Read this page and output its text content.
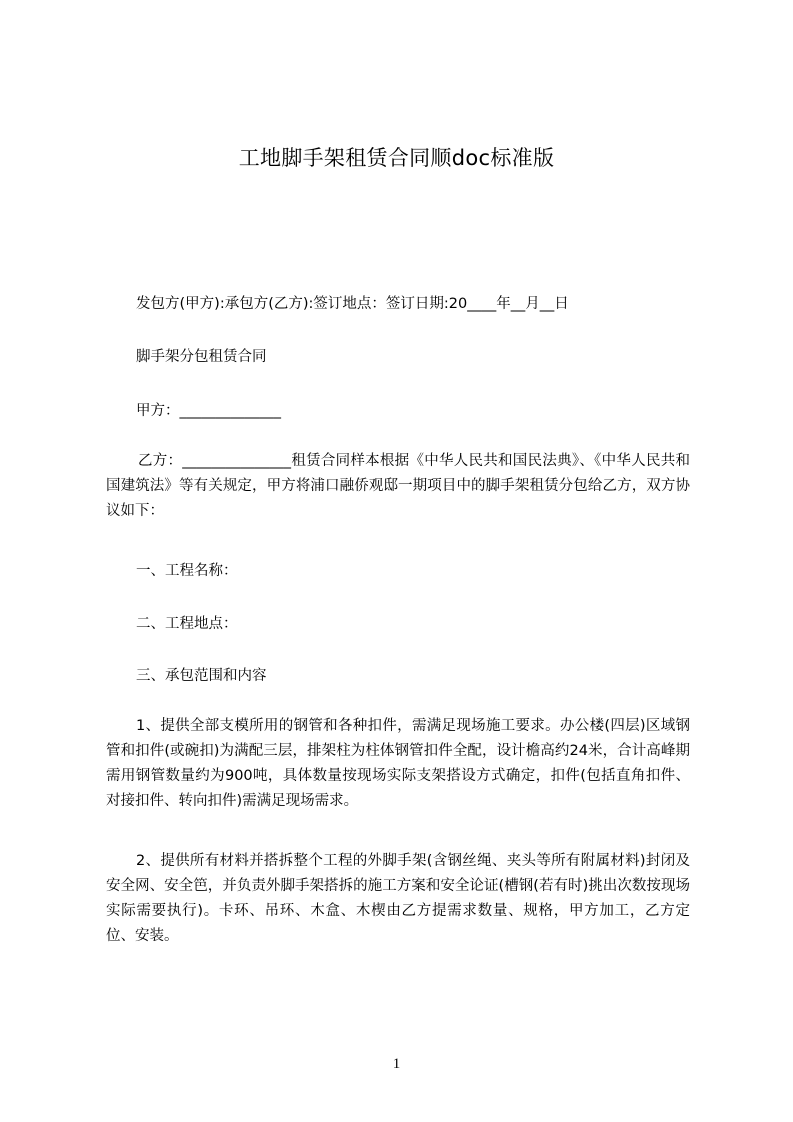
工地脚手架租赁合同顺doc标准版
发包方(甲方):承包方(乙方):签订地点：签订日期:20____年__月__日
脚手架分包租赁合同
甲方：______________
乙方：_______________租赁合同样本根据《中华人民共和国民法典》、《中华人民共和国建筑法》等有关规定，甲方将浦口融侨观邸一期项目中的脚手架租赁分包给乙方，双方协议如下：
一、工程名称：
二、工程地点：
三、承包范围和内容
1、提供全部支模所用的钢管和各种扣件，需满足现场施工要求。办公楼(四层)区域钢管和扣件(或碗扣)为满配三层，排架柱为柱体钢管扣件全配，设计檐高约24米，合计高峰期需用钢管数量约为900吨，具体数量按现场实际支架搭设方式确定，扣件(包括直角扣件、对接扣件、转向扣件)需满足现场需求。
2、提供所有材料并搭拆整个工程的外脚手架(含钢丝绳、夹头等所有附属材料)封闭及安全网、安全笆，并负责外脚手架搭拆的施工方案和安全论证(槽钢(若有时)挑出次数按现场实际需要执行)。卡环、吊环、木盒、木楔由乙方提需求数量、规格，甲方加工，乙方定位、安装。
1
